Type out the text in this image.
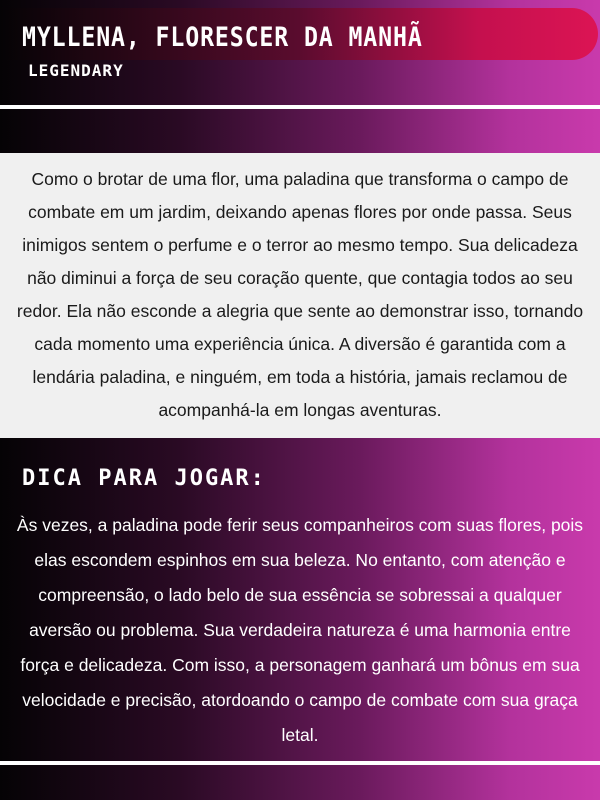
MYLLENA, FLORESCER DA MANHÃ
LEGENDARY

Como o brotar de uma flor, uma paladina que transforma o campo de combate em um jardim, deixando apenas flores por onde passa. Seus inimigos sentem o perfume e o terror ao mesmo tempo. Sua delicadeza não diminui a força de seu coração quente, que contagia todos ao seu redor. Ela não esconde a alegria que sente ao demonstrar isso, tornando cada momento uma experiência única. A diversão é garantida com a lendária paladina, e ninguém, em toda a história, jamais reclamou de acompanhá-la em longas aventuras.

DICA PARA JOGAR:

Às vezes, a paladina pode ferir seus companheiros com suas flores, pois elas escondem espinhos em sua beleza. No entanto, com atenção e compreensão, o lado belo de sua essência se sobressai a qualquer aversão ou problema. Sua verdadeira natureza é uma harmonia entre força e delicadeza. Com isso, a personagem ganhará um bônus em sua velocidade e precisão, atordoando o campo de combate com sua graça letal.
